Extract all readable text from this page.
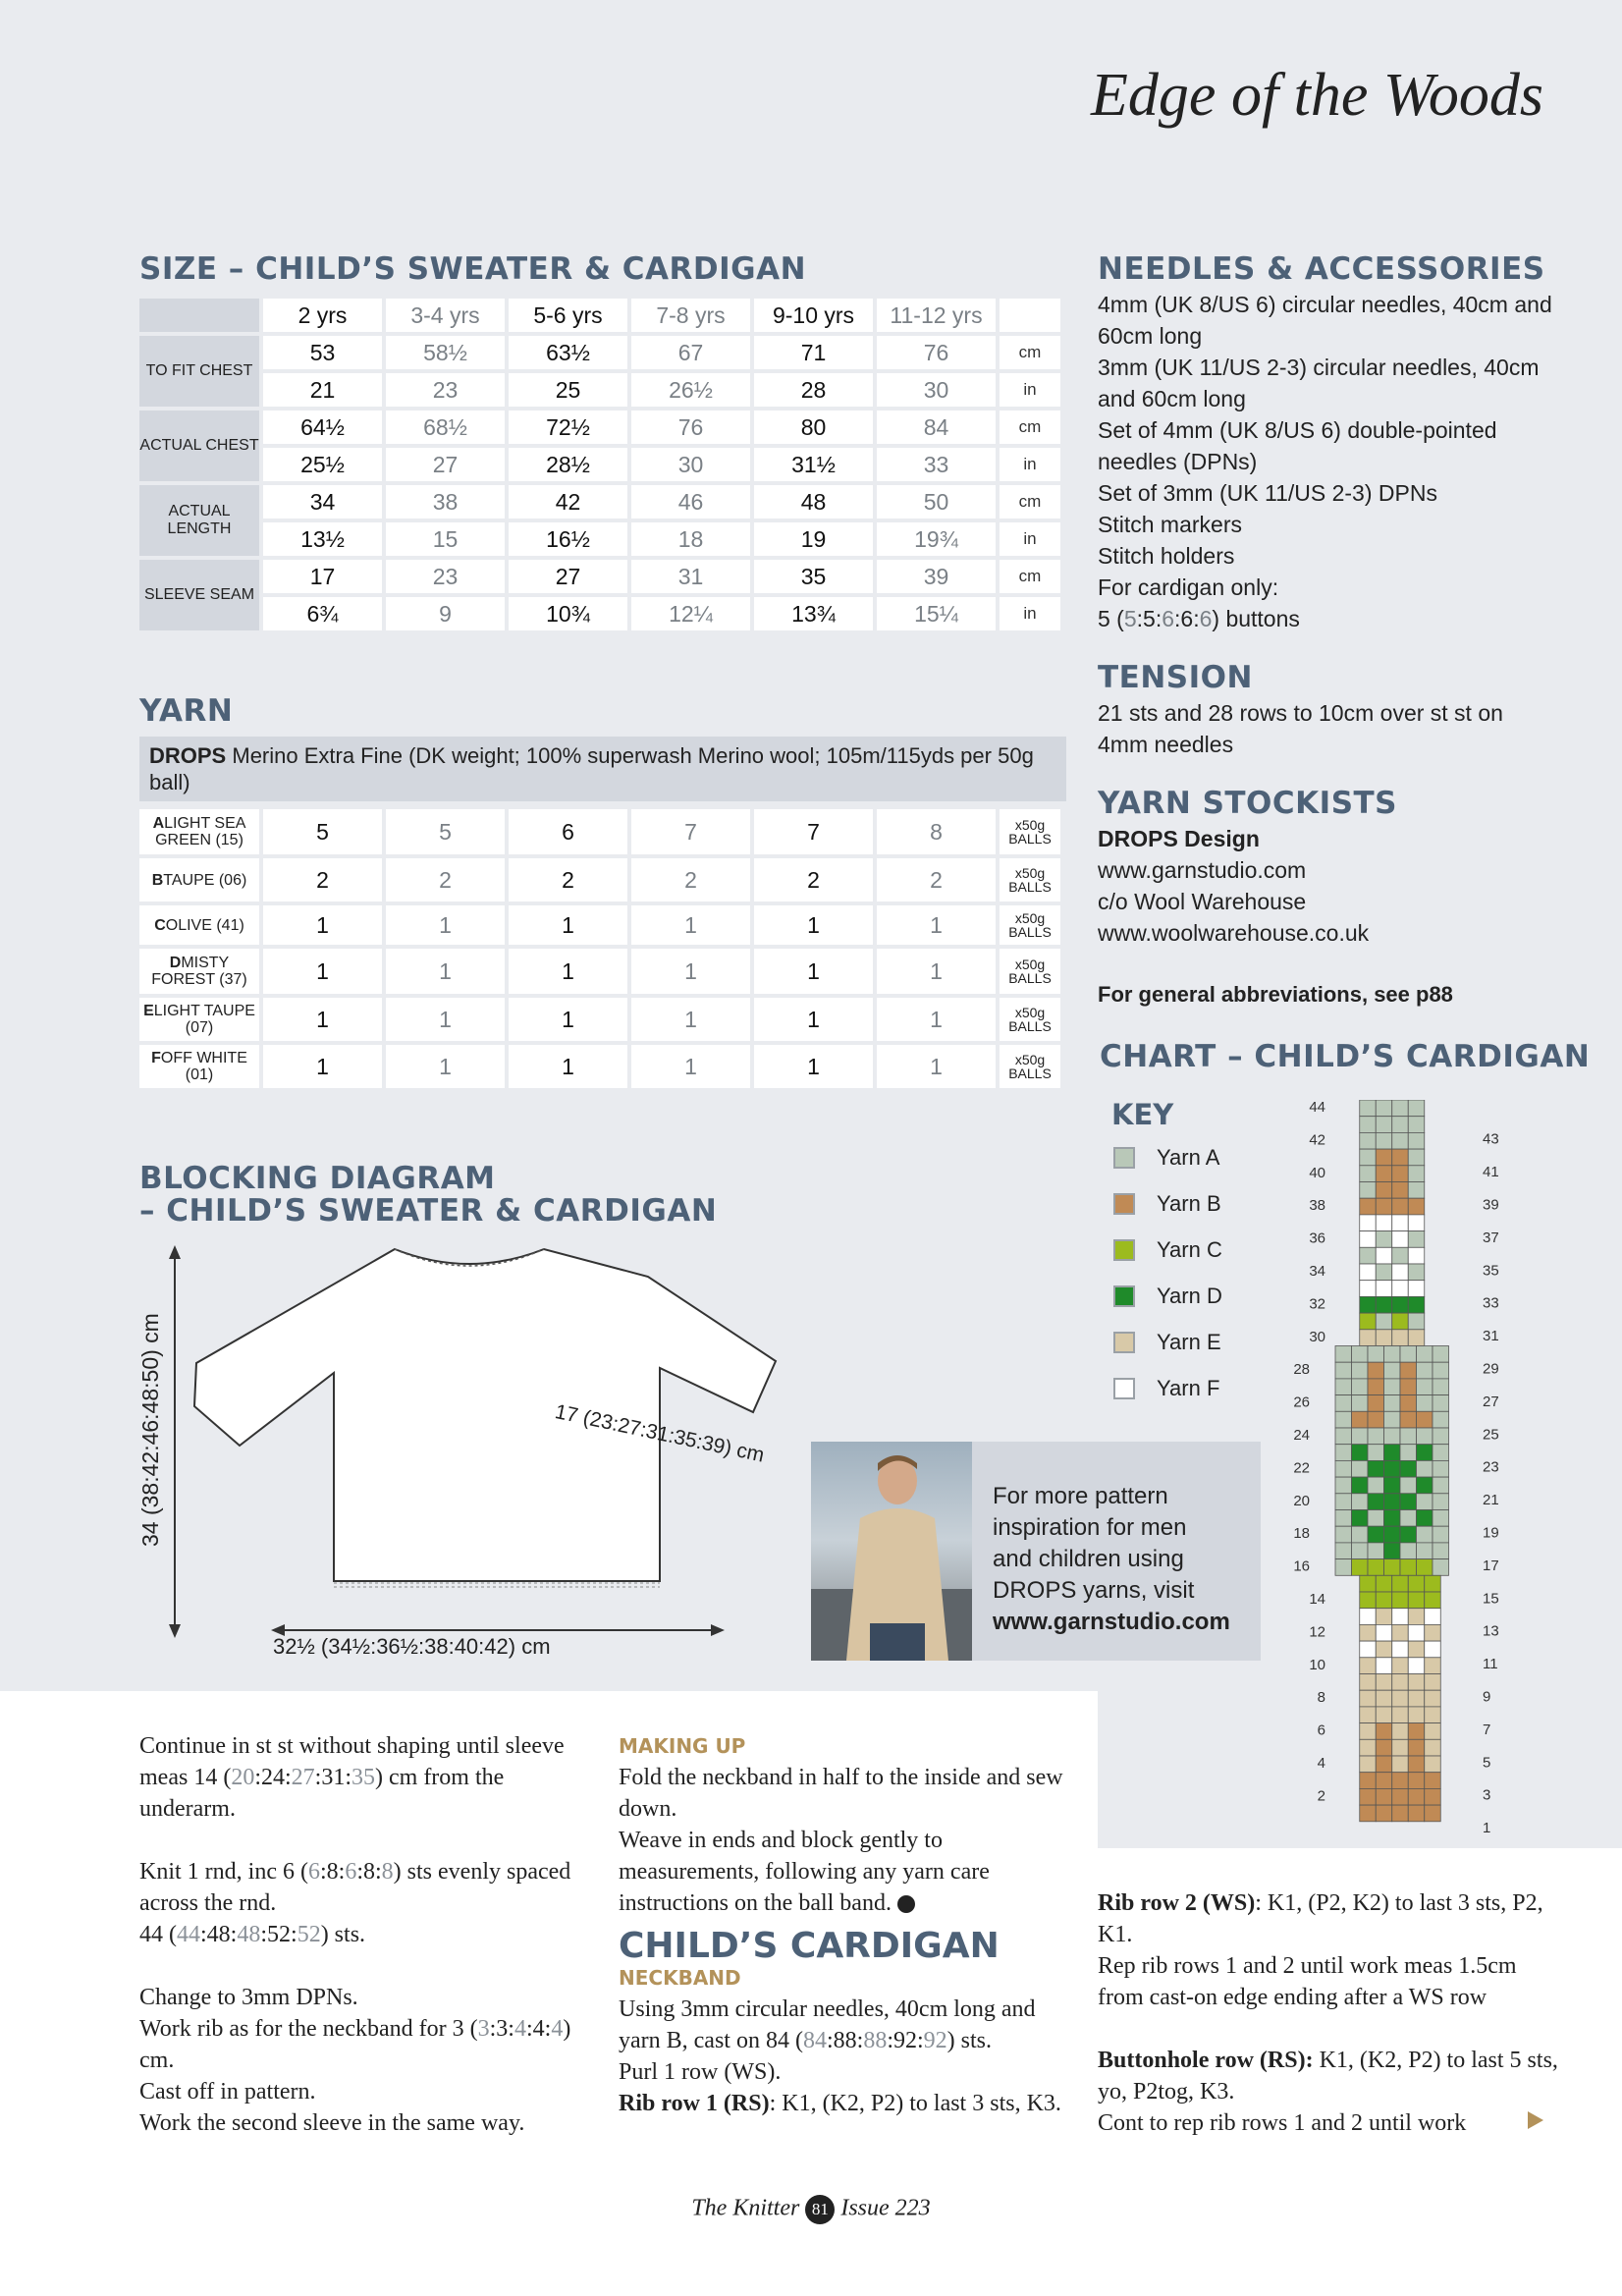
Edge of the Woods
SIZE – CHILD’S SWEATER & CARDIGAN
	2 yrs	3-4 yrs	5-6 yrs	7-8 yrs	9-10 yrs	11-12 yrs	
TO FIT CHEST	53	58½	63½	67	71	76	cm
	21	23	25	26½	28	30	in
ACTUAL CHEST	64½	68½	72½	76	80	84	cm
	25½	27	28½	30	31½	33	in
ACTUAL LENGTH	34	38	42	46	48	50	cm
	13½	15	16½	18	19	19¾	in
SLEEVE SEAM	17	23	27	31	35	39	cm
	6¾	9	10¾	12¼	13¾	15¼	in
NEEDLES & ACCESSORIES

4mm (UK 8/US 6) circular needles, 40cm and 60cm long

3mm (UK 11/US 2-3) circular needles, 40cm and 60cm long

Set of 4mm (UK 8/US 6) double-pointed needles (DPNs)

Set of 3mm (UK 11/US 2-3) DPNs

Stitch markers

Stitch holders

For cardigan only:

5 (5:5:6:6:6) buttons

TENSION
21 sts and 28 rows to 10cm over st st on 4mm needles
YARN STOCKISTS

DROPS Design

www.garnstudio.com

c/o Wool Warehouse

www.woolwarehouse.co.uk

For general abbreviations, see p88
YARN
DROPS Merino Extra Fine (DK weight; 100% superwash Merino wool; 105m/115yds per 50g ball)
ALIGHT SEA GREEN (15)	5	5	6	7	7	8	x50g
BALLS

BTAUPE (06)	2	2	2	2	2	2	x50g
BALLS

COLIVE (41)	1	1	1	1	1	1	x50g
BALLS

DMISTY FOREST (37)	1	1	1	1	1	1	x50g
BALLS

ELIGHT TAUPE (07)	1	1	1	1	1	1	x50g
BALLS

FOFF WHITE (01)	1	1	1	1	1	1	x50g
BALLS
BLOCKING DIAGRAM
– CHILD’S SWEATER & CARDIGAN
17 (23:27:31:35:39) cm
32½ (34½:36½:38:40:42) cm
For more pattern
inspiration for men
and children using
DROPS yarns, visit
www.garnstudio.com
CHART – CHILD’S CARDIGAN
KEY
Yarn A
Yarn B
Yarn C
Yarn D
Yarn E
Yarn F
44
42
40
38
36
34
32
30
28
26
24
22
20
18
16
14
12
10
8
6
4
2
43
41
39
37
35
33
31
29
27
25
23
21
19
17
15
13
11
9
7
5
3
1

Continue in st st without shaping until sleeve meas 14 (20:24:27:31:35) cm from the underarm.

Knit 1 rnd, inc 6 (6:8:6:8:8) sts evenly spaced across the rnd.

44 (44:48:48:52:52) sts.

Change to 3mm DPNs.

Work rib as for the neckband for 3 (3:3:4:4:4) cm.

Cast off in pattern.

Work the second sleeve in the same way.

MAKING UP

Fold the neckband in half to the inside and sew down.

Weave in ends and block gently to measurements, following any yarn care instructions on the ball band.

CHILD’S CARDIGAN
NECKBAND

Using 3mm circular needles, 40cm long and yarn B, cast on 84 (84:88:88:92:92) sts.

Purl 1 row (WS).

Rib row 1 (RS): K1, (K2, P2) to last 3 sts, K3.

Rib row 2 (WS): K1, (P2, K2) to last 3 sts, P2, K1.

Rep rib rows 1 and 2 until work meas 1.5cm from cast-on edge ending after a WS row

Buttonhole row (RS): K1, (K2, P2) to last 5 sts, yo, P2tog, K3.

Cont to rep rib rows 1 and 2 until work

The Knitter 81 Issue 223
